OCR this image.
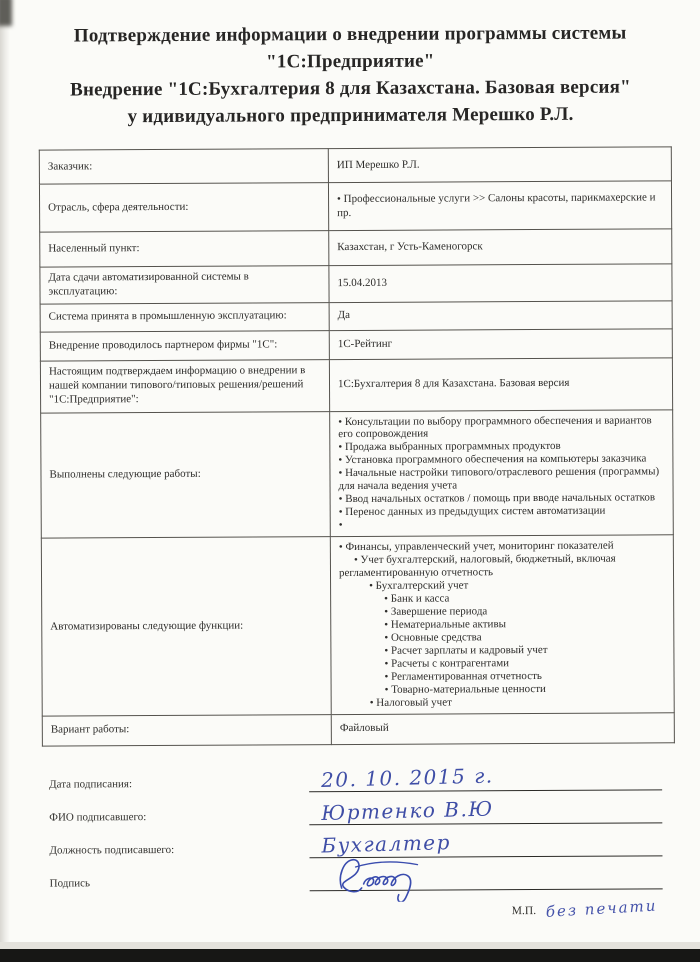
Подтверждение информации о внедрении программы системы
"1С:Предприятие"
Внедрение "1С:Бухгалтерия 8 для Казахстана. Базовая версия"
у идивидуального предпринимателя Мерешко Р.Л.
Заказчик:	ИП Мерешко Р.Л.
Отрасль, сфера деятельности:	• Профессиональные услуги >> Салоны красоты, парикмахерские и пр.
Населенный пункт:	Казахстан, г Усть-Каменогорск
Дата сдачи автоматизированной системы в эксплуатацию:	15.04.2013
Система принята в промышленную эксплуатацию:	Да
Внедрение проводилось партнером фирмы "1С":	1С-Рейтинг
Настоящим подтверждаем информацию о внедрении в нашей компании типового/типовых решения/решений "1С:Предприятие":	1С:Бухгалтерия 8 для Казахстана. Базовая версия
Выполнены следующие работы:	
• Консультации по выбору программного обеспечения и вариантов его сопровождения
• Продажа выбранных программных продуктов
• Установка программного обеспечения на компьютеры заказчика
• Начальные настройки типового/отраслевого решения (программы) для начала ведения учета
• Ввод начальных остатков / помощь при вводе начальных остатков
• Перенос данных из предыдущих систем автоматизации
•

Автоматизированы следующие функции:	
• Финансы, управленческий учет, мониторинг показателей
• Учет бухгалтерский, налоговый, бюджетный, включая регламентированную отчетность
• Бухгалтерский учет
• Банк и касса
• Завершение периода
• Нематериальные активы
• Основные средства
• Расчет зарплаты и кадровый учет
• Расчеты с контрагентами
• Регламентированная отчетность
• Товарно-материальные ценности
• Налоговый учет

Вариант работы:	Файловый
Дата подписания:	20. 10. 2015 г.
ФИО подписавшего:	Юртенко В.Ю
Должность подписавшего:	Бухгалтер
Подпись
М.П. без печати
